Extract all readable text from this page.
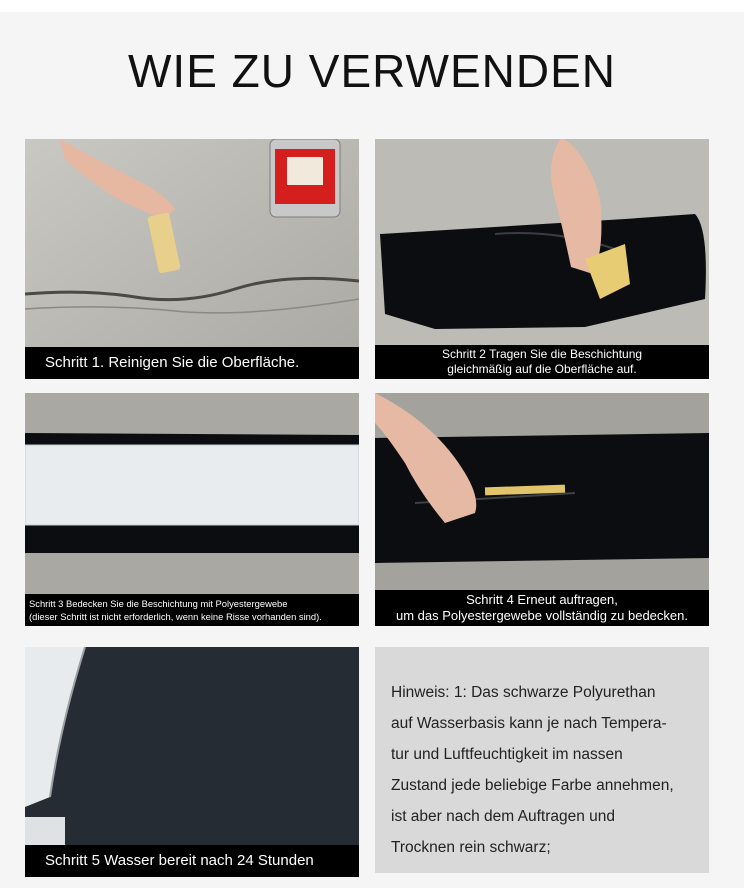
WIE ZU VERWENDEN
Schritt 1. Reinigen Sie die Oberfläche.	Schritt 2 Tragen Sie die Beschichtung
gleichmäßig auf die Oberfläche auf.
Schritt 3 Bedecken Sie die Beschichtung mit Polyestergewebe
(dieser Schritt ist nicht erforderlich, wenn keine Risse vorhanden sind).
Schritt 4 Erneut auftragen,
um das Polyestergewebe vollständig zu bedecken.
Schritt 5 Wasser bereit nach 24 Stunden

Hinweis: 1: Das schwarze Polyurethan

auf Wasserbasis kann je nach Tempera-

tur und Luftfeuchtigkeit im nassen

Zustand jede beliebige Farbe annehmen,

ist aber nach dem Auftragen und

Trocknen rein schwarz;
